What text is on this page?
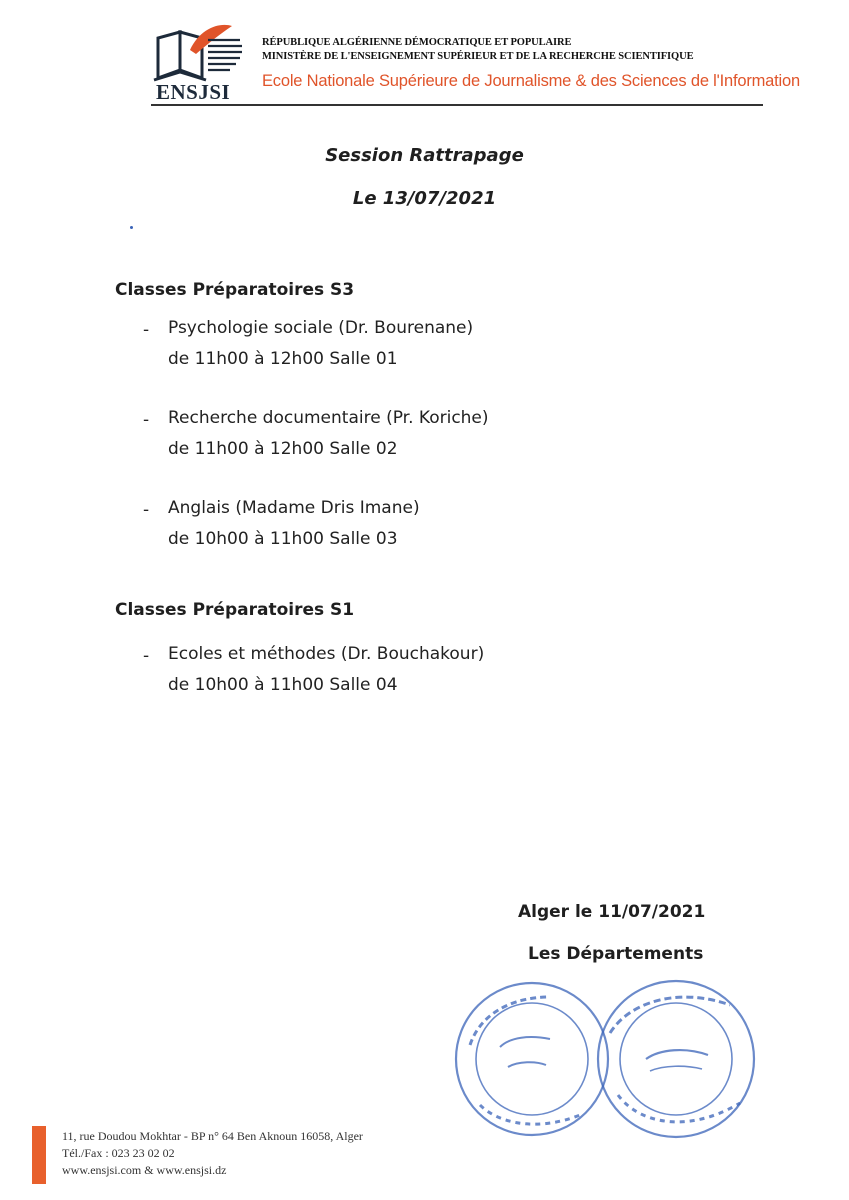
ENSJSI
RÉPUBLIQUE ALGÉRIENNE DÉMOCRATIQUE ET POPULAIRE
MINISTÈRE DE L'ENSEIGNEMENT SUPÉRIEUR ET DE LA RECHERCHE SCIENTIFIQUE
Ecole Nationale Supérieure de Journalisme & des Sciences de l'Information
Session Rattrapage
Le 13/07/2021
Classes Préparatoires S3
- Psychologie sociale (Dr. Bourenane)
de 11h00 à 12h00 Salle 01
- Recherche documentaire (Pr. Koriche)
de 11h00 à 12h00 Salle 02
- Anglais (Madame Dris Imane)
de 10h00 à 11h00 Salle 03
Classes Préparatoires S1
- Ecoles et méthodes (Dr. Bouchakour)
de 10h00 à 11h00 Salle 04
Alger le 11/07/2021
Les Départements
11, rue Doudou Mokhtar - BP n° 64 Ben Aknoun 16058, Alger
Tél./Fax : 023 23 02 02
www.ensjsi.com & www.ensjsi.dz
